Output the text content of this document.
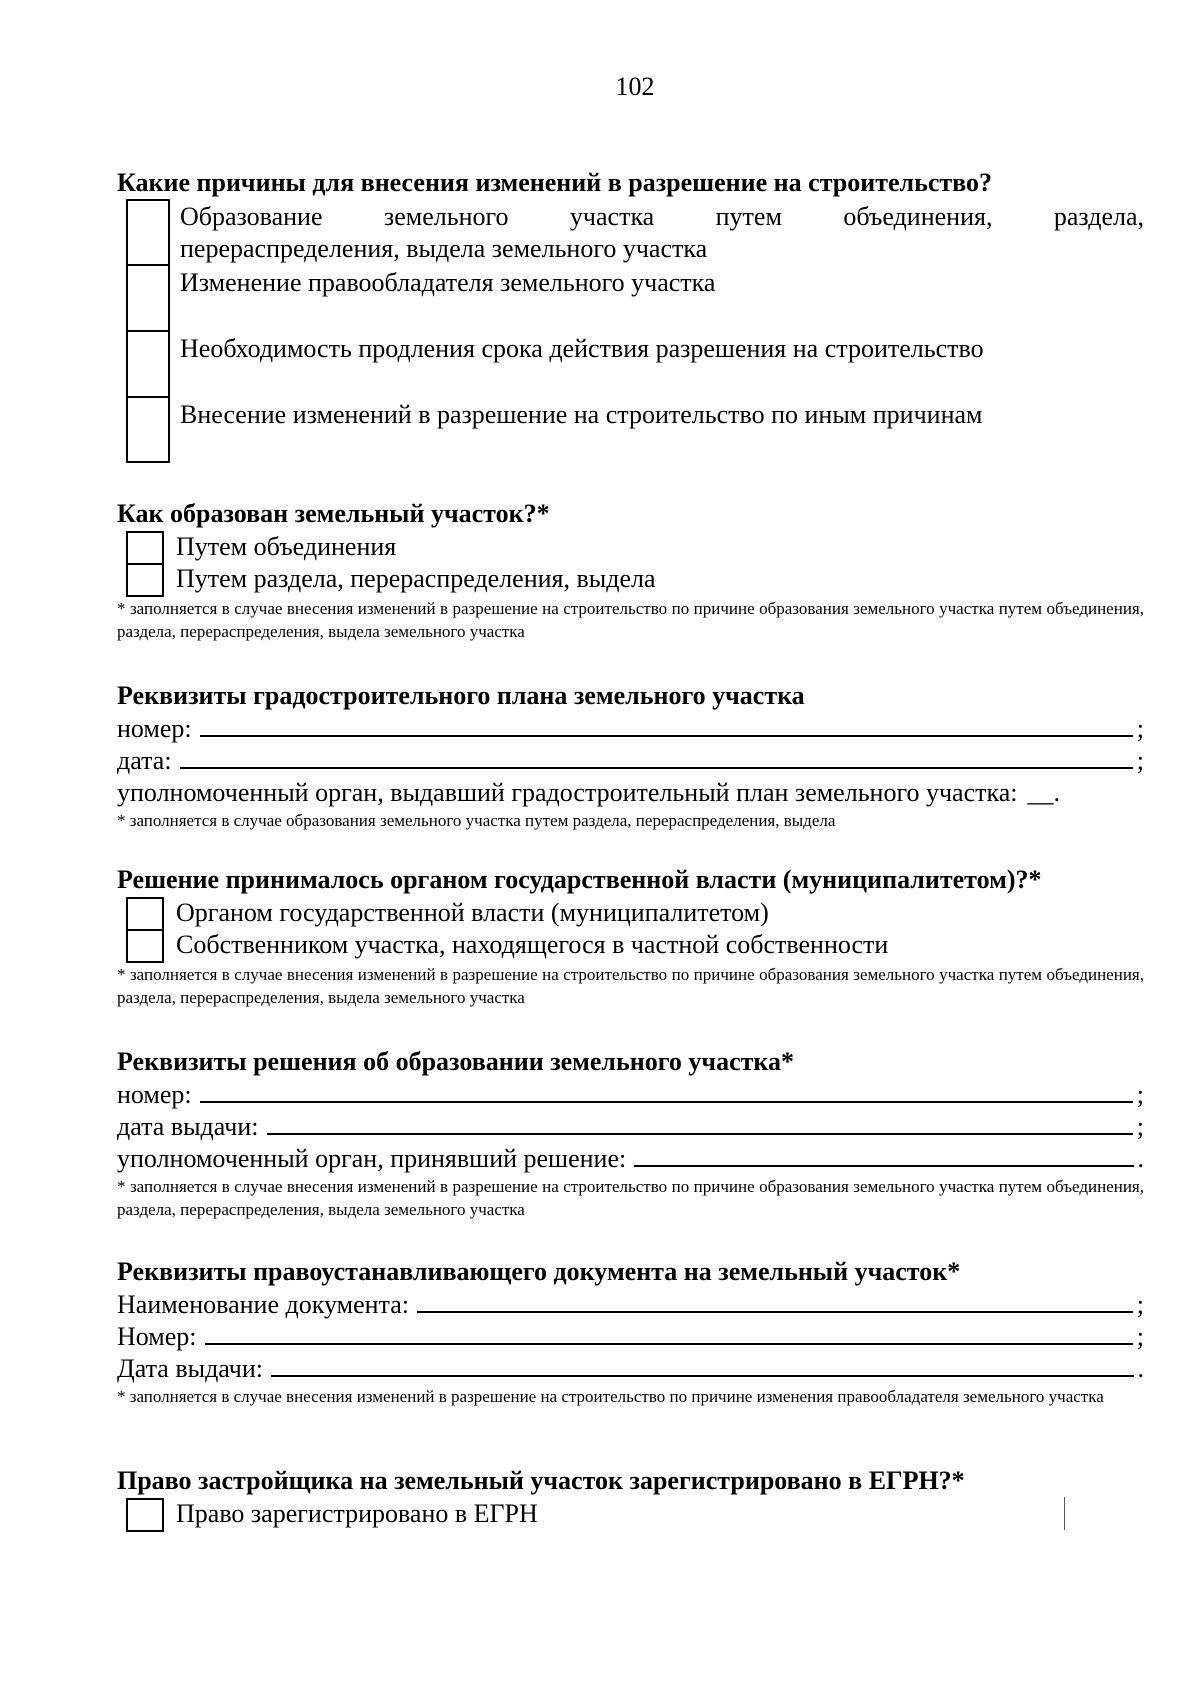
102

Какие причины для внесения изменений в разрешение на строительство?

Образование земельного участка путем объединения, раздела,
перераспределения, выдела земельного участка
Изменение правообладателя земельного участка
Необходимость продления срока действия разрешения на строительство
Внесение изменений в разрешение на строительство по иным причинам

Как образован земельный участок?*

Путем объединения
Путем раздела, перераспределения, выдела

* заполняется в случае внесения изменений в разрешение на строительство по причине образования земельного участка путем объединения, раздела, перераспределения, выдела земельного участка

Реквизиты градостроительного плана земельного участка

номер:	;
дата:	;
уполномоченный орган, выдавший градостроительный план земельного участка: __.

* заполняется в случае образования земельного участка путем раздела, перераспределения, выдела

Решение принималось органом государственной власти (муниципалитетом)?*

Органом государственной власти (муниципалитетом)
Собственником участка, находящегося в частной собственности

* заполняется в случае внесения изменений в разрешение на строительство по причине образования земельного участка путем объединения, раздела, перераспределения, выдела земельного участка

Реквизиты решения об образовании земельного участка*

номер:	;
дата выдачи:	;
уполномоченный орган, принявший решение:	.

* заполняется в случае внесения изменений в разрешение на строительство по причине образования земельного участка путем объединения, раздела, перераспределения, выдела земельного участка

Реквизиты правоустанавливающего документа на земельный участок*

Наименование документа:	;
Номер:	;
Дата выдачи:	.

* заполняется в случае внесения изменений в разрешение на строительство по причине изменения правообладателя земельного участка

Право застройщика на земельный участок зарегистрировано в ЕГРН?*

Право зарегистрировано в ЕГРН
